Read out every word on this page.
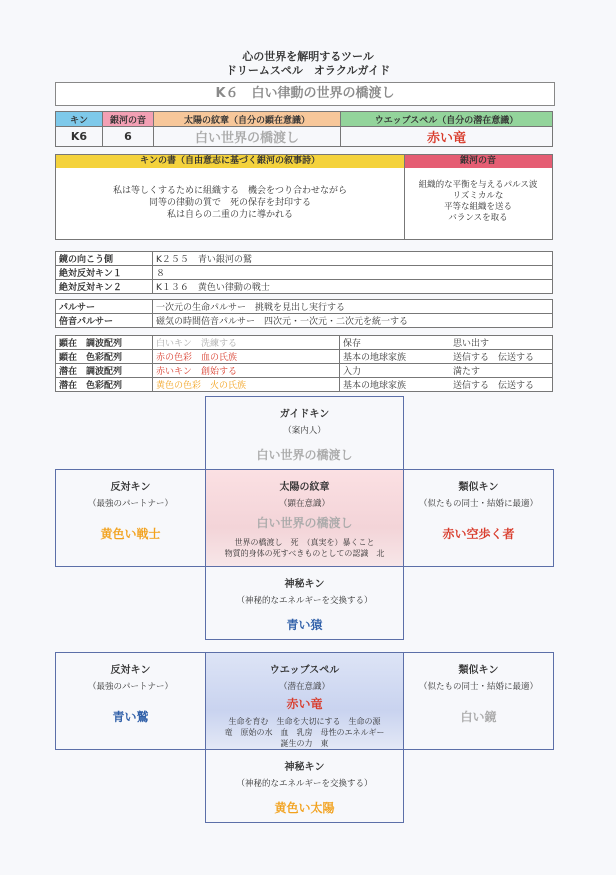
心の世界を解明するツール
ドリームスペル　オラクルガイド
K６　白い律動の世界の橋渡し
キン	銀河の音	太陽の紋章（自分の顕在意識）	ウエッブスペル（自分の潜在意識）
K6	6	白い世界の橋渡し	赤い竜
キンの書（自由意志に基づく銀河の叙事詩）	銀河の音
私は等しくするために組織する　機会をつり合わせながら
同等の律動の質で　死の保存を封印する
私は自らの二重の力に導かれる
組織的な平衡を与えるパルス波
リズミカルな
平等な組織を送る
バランスを取る
鏡の向こう側	K２５５　青い銀河の鷲
絶対反対キン１	８
絶対反対キン２	K１３６　黄色い律動の戦士
パルサー	一次元の生命パルサー　挑戦を見出し実行する
倍音パルサー	磁気の時間倍音パルサー　四次元・一次元・二次元を統一する
顕在　調波配列	白いキン　 洗練する	保存 思い出す
顕在　色彩配列	赤の色彩　 血の氏族	基本の地球家族 送信する　伝送する
潜在　調波配列	赤いキン　 創始する	入力 満たす
潜在　色彩配列	黄色の色彩　 火の氏族	基本の地球家族 送信する　伝送する
ガイドキン
（案内人）
白い世界の橋渡し
反対キン
（最強のパートナー）
黄色い戦士
太陽の紋章
（顕在意識）
白い世界の橋渡し
世界の橋渡し　死　（真実を）暴くこと
物質的身体の死すべきものとしての認識　北
類似キン
（似たもの同士・結婚に最適）
赤い空歩く者
神秘キン
（神秘的なエネルギーを交換する）
青い猿
反対キン
（最強のパートナー）
青い鷲
ウエッブスペル
（潜在意識）
赤い竜
生命を育む　生命を大切にする　生命の源
竜　原始の水　血　乳房　母性のエネルギー
誕生の力　東
類似キン
（似たもの同士・結婚に最適）
白い鏡
神秘キン
（神秘的なエネルギーを交換する）
黄色い太陽
